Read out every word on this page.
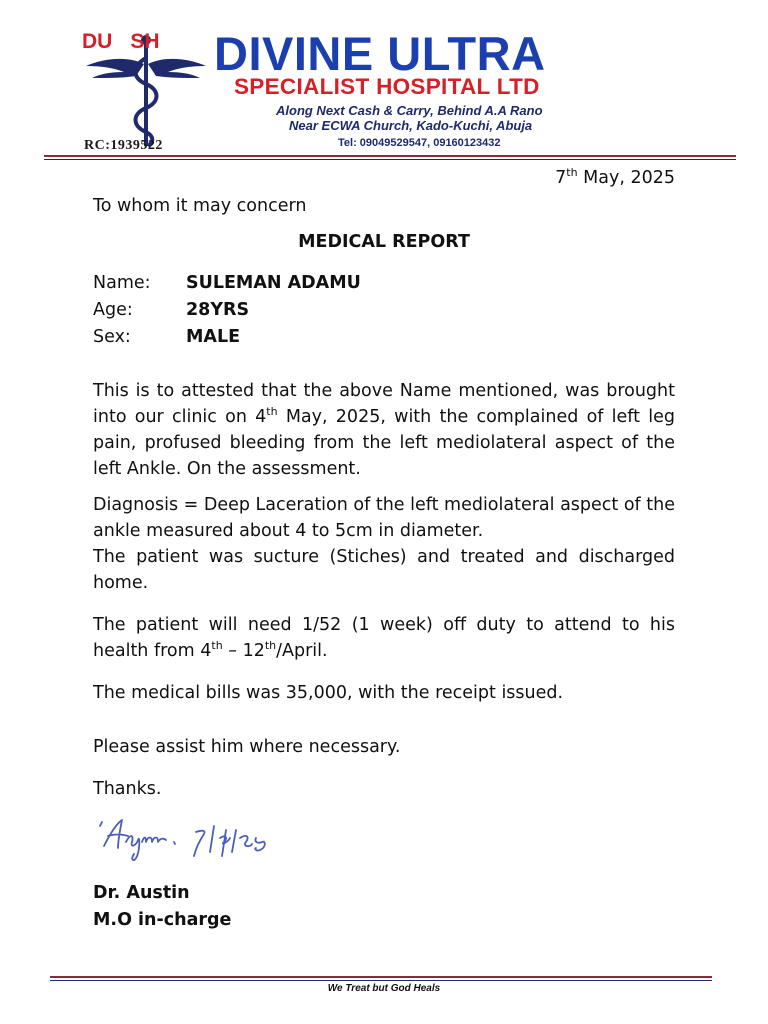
DU SH
RC:1939522
DIVINE ULTRA
SPECIALIST HOSPITAL LTD
Along Next Cash & Carry, Behind A.A Rano
Near ECWA Church, Kado-Kuchi, Abuja
Tel: 09049529547, 09160123432
7th May, 2025
To whom it may concern
MEDICAL REPORT
Name: SULEMAN ADAMU
Age:	28YRS
Sex:	MALE
This is to attested that the above Name mentioned, was brought into our clinic on 4th May, 2025, with the complained of left leg pain, profused bleeding from the left mediolateral aspect of the left Ankle. On the assessment.
Diagnosis = Deep Laceration of the left mediolateral aspect of the ankle measured about 4 to 5cm in diameter.
The patient was sucture (Stiches) and treated and discharged home.
The patient will need 1/52 (1 week) off duty to attend to his health from 4th – 12th/April.
The medical bills was 35,000, with the receipt issued.
Please assist him where necessary.
Thanks.
Dr. Austin
M.O in-charge
We Treat but God Heals
